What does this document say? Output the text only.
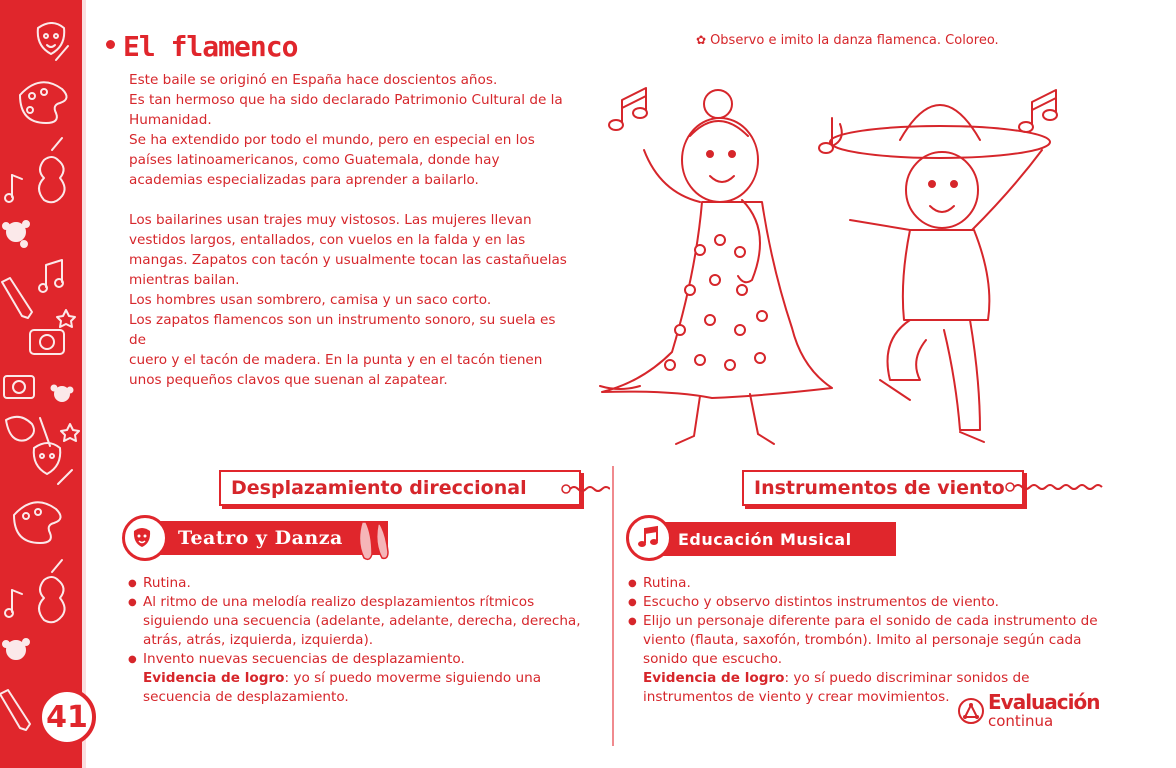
41
El flamenco

Este baile se originó en España hace doscientos años.

Es tan hermoso que ha sido declarado Patrimonio Cultural de la

Humanidad.

Se ha extendido por todo el mundo, pero en especial en los

países latinoamericanos, como Guatemala, donde hay

academias especializadas para aprender a bailarlo.

Los bailarines usan trajes muy vistosos. Las mujeres llevan

vestidos largos, entallados, con vuelos en la falda y en las

mangas. Zapatos con tacón y usualmente tocan las castañuelas

mientras bailan.

Los hombres usan sombrero, camisa y un saco corto.

Los zapatos flamencos son un instrumento sonoro, su suela es de

cuero y el tacón de madera. En la punta y en el tacón tienen

unos pequeños clavos que suenan al zapatear.

✿ Observo e imito la danza flamenca. Coloreo.
Desplazamiento direccional
Teatro y Danza
● Rutina.
● Al ritmo de una melodía realizo desplazamientos rítmicos siguiendo una secuencia (adelante, adelante, derecha, derecha, atrás, atrás, izquierda, izquierda).
● Invento nuevas secuencias de desplazamiento.
Evidencia de logro: yo sí puedo moverme siguiendo una secuencia de desplazamiento.
Instrumentos de viento
Educación Musical
● Rutina.
● Escucho y observo distintos instrumentos de viento.
● Elijo un personaje diferente para el sonido de cada instrumento de viento (flauta, saxofón, trombón). Imito al personaje según cada sonido que escucho.
Evidencia de logro: yo sí puedo discriminar sonidos de instrumentos de viento y crear movimientos.	Evaluación
continua
